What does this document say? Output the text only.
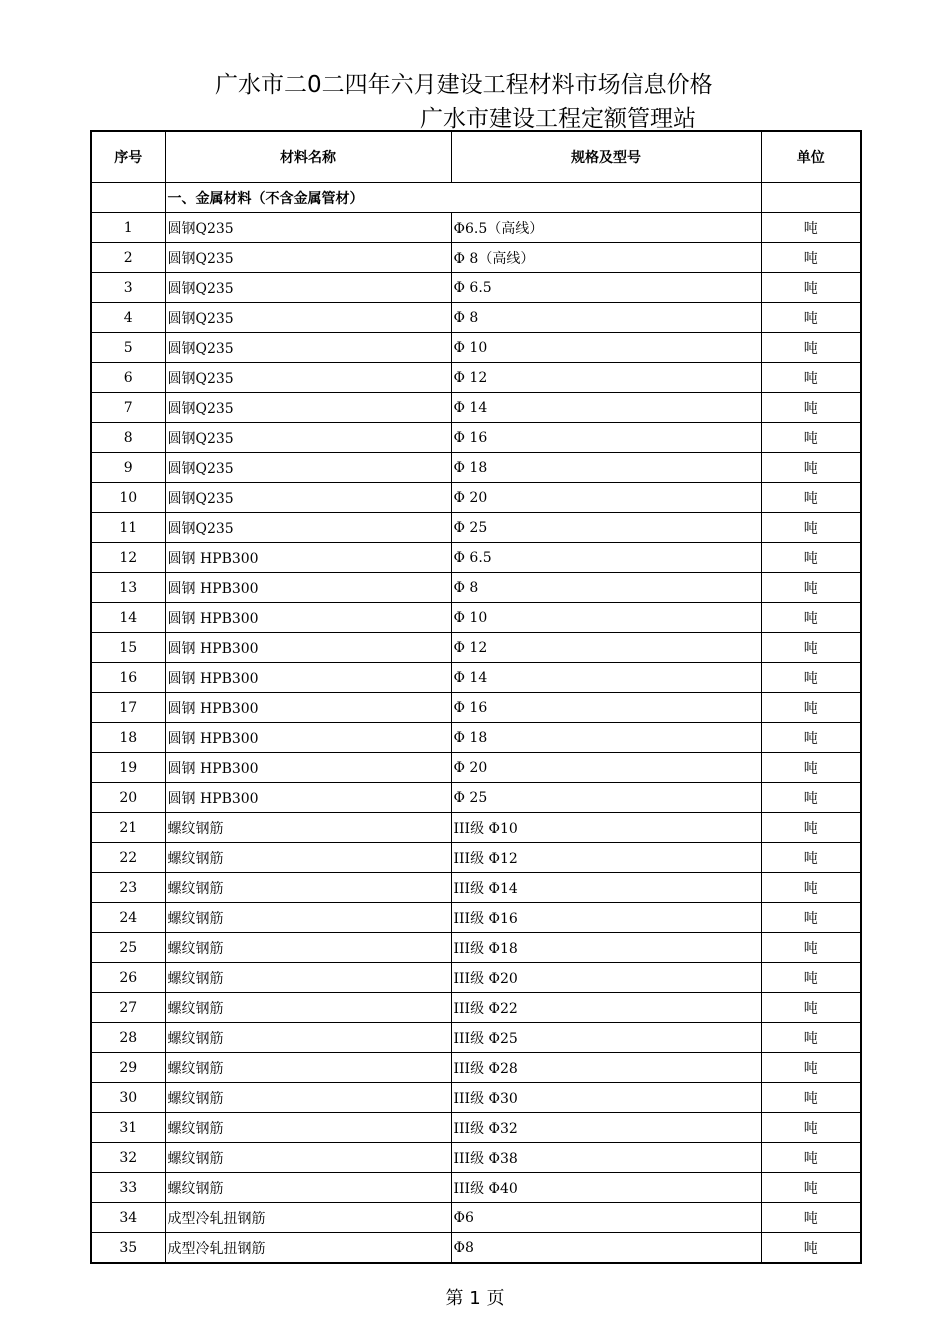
广水市二0二四年六月建设工程材料市场信息价格
广水市建设工程定额管理站
序号	材料名称	规格及型号	单位
	一、金属材料（不含金属管材）		
1	圆钢Q235	Φ6.5（高线）	吨
2	圆钢Q235	Φ 8（高线）	吨
3	圆钢Q235	Φ 6.5	吨
4	圆钢Q235	Φ 8	吨
5	圆钢Q235	Φ 10	吨
6	圆钢Q235	Φ 12	吨
7	圆钢Q235	Φ 14	吨
8	圆钢Q235	Φ 16	吨
9	圆钢Q235	Φ 18	吨
10	圆钢Q235	Φ 20	吨
11	圆钢Q235	Φ 25	吨
12	圆钢 HPB300	Φ 6.5	吨
13	圆钢 HPB300	Φ 8	吨
14	圆钢 HPB300	Φ 10	吨
15	圆钢 HPB300	Φ 12	吨
16	圆钢 HPB300	Φ 14	吨
17	圆钢 HPB300	Φ 16	吨
18	圆钢 HPB300	Φ 18	吨
19	圆钢 HPB300	Φ 20	吨
20	圆钢 HPB300	Φ 25	吨
21	螺纹钢筋	III级 Φ10	吨
22	螺纹钢筋	III级 Φ12	吨
23	螺纹钢筋	III级 Φ14	吨
24	螺纹钢筋	III级 Φ16	吨
25	螺纹钢筋	III级 Φ18	吨
26	螺纹钢筋	III级 Φ20	吨
27	螺纹钢筋	III级 Φ22	吨
28	螺纹钢筋	III级 Φ25	吨
29	螺纹钢筋	III级 Φ28	吨
30	螺纹钢筋	III级 Φ30	吨
31	螺纹钢筋	III级 Φ32	吨
32	螺纹钢筋	III级 Φ38	吨
33	螺纹钢筋	III级 Φ40	吨
34	成型冷轧扭钢筋	Φ6	吨
35	成型冷轧扭钢筋	Φ8	吨
第 1 页
